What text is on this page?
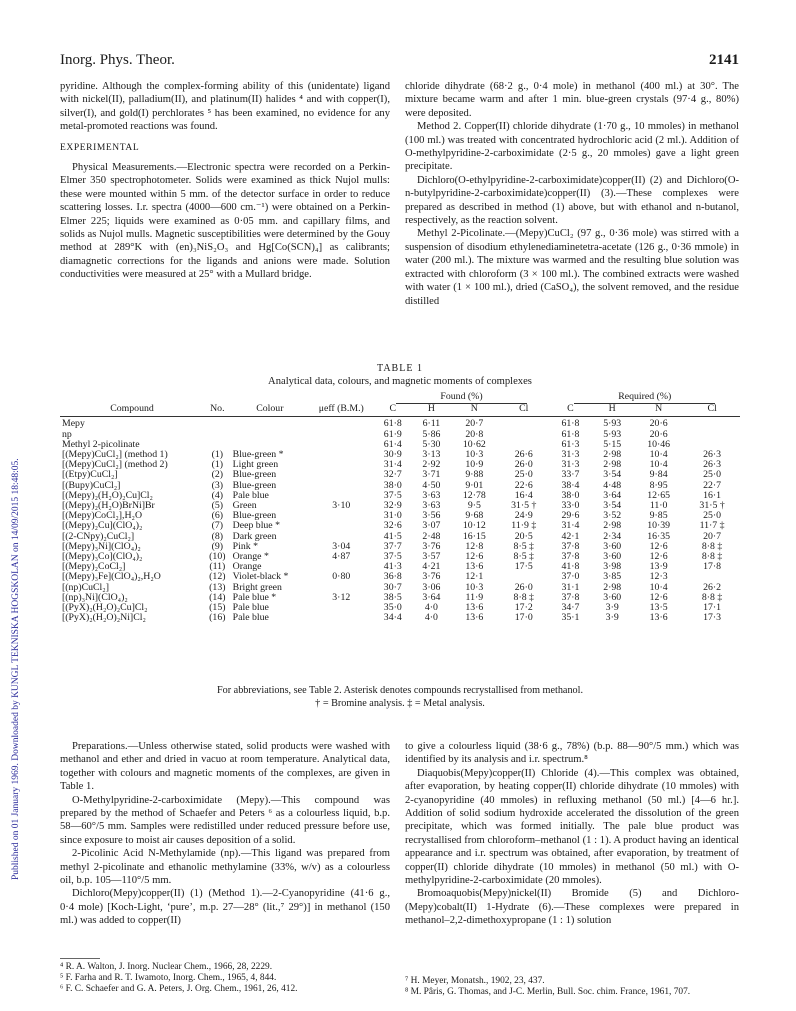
Published on 01 January 1969. Downloaded by KUNGL TEKNISKA HOGSKOLAN on 14/09/2015 18:48:05.
Inorg. Phys. Theor.	2141

pyridine. Although the complex-forming ability of this (unidentate) ligand with nickel(II), palladium(II), and platinum(II) halides ⁴ and with copper(I), silver(I), and gold(I) perchlorates ⁵ has been examined, no evidence for any metal-promoted reactions was found.

EXPERIMENTAL

Physical Measurements.—Electronic spectra were recorded on a Perkin-Elmer 350 spectrophotometer. Solids were examined as thick Nujol mulls: these were mounted within 5 mm. of the detector surface in order to reduce scattering losses. I.r. spectra (4000—600 cm.⁻¹) were obtained on a Perkin-Elmer 225; liquids were examined as 0·05 mm. and capillary films, and solids as Nujol mulls. Magnetic susceptibilities were determined by the Gouy method at 289°K with (en)₃NiS₂O₃ and Hg[Co(SCN)₄] as calibrants; diamagnetic corrections for the ligands and anions were made. Solution conductivities were measured at 25° with a Mullard bridge.

chloride dihydrate (68·2 g., 0·4 mole) in methanol (400 ml.) at 30°. The mixture became warm and after 1 min. blue-green crystals (97·4 g., 80%) were deposited.

Method 2. Copper(II) chloride dihydrate (1·70 g., 10 mmoles) in methanol (100 ml.) was treated with concentrated hydrochloric acid (2 ml.). Addition of O-methylpyridine-2-carboximidate (2·5 g., 20 mmoles) gave a light green precipitate.

Dichloro(O-ethylpyridine-2-carboximidate)copper(II) (2) and Dichloro(O-n-butylpyridine-2-carboximidate)copper(II) (3).—These complexes were prepared as described in method (1) above, but with ethanol and n-butanol, respectively, as the reaction solvent.

Methyl 2-Picolinate.—(Mepy)CuCl₂ (97 g., 0·36 mole) was stirred with a suspension of disodium ethylenediaminetetra-acetate (126 g., 0·36 mmole) in water (200 ml.). The mixture was warmed and the resulting blue solution was extracted with chloroform (3 × 100 ml.). The combined extracts were washed with water (1 × 100 ml.), dried (CaSO₄), the solvent removed, and the residue distilled

TABLE 1
Analytical data, colours, and magnetic moments of complexes
				Found (%)				Required (%)			
Compound	No.	Colour	μeff (B.M.)	C	H	N	Cl	C	H	N	Cl
Mepy				61·8	6·11	20·7		61·8	5·93	20·6	
np				61·9	5·86	20·8		61·8	5·93	20·6	
Methyl 2-picolinate				61·4	5·30	10·62		61·3	5·15	10·46	
[(Mepy)CuCl₂] (method 1)	(1)	Blue-green *		30·9	3·13	10·3	26·6	31·3	2·98	10·4	26·3
[(Mepy)CuCl₂] (method 2)	(1)	Light green		31·4	2·92	10·9	26·0	31·3	2·98	10·4	26·3
[(Etpy)CuCl₂]	(2)	Blue-green		32·7	3·71	9·88	25·0	33·7	3·54	9·84	25·0
[(Bupy)CuCl₂]	(3)	Blue-green		38·0	4·50	9·01	22·6	38·4	4·48	8·95	22·7
[(Mepy)₂(H₂O)₂Cu]Cl₂	(4)	Pale blue		37·5	3·63	12·78	16·4	38·0	3·64	12·65	16·1
[(Mepy)₂(H₂O)BrNi]Br	(5)	Green	3·10	32·9	3·63	9·5	31·5 †	33·0	3·54	11·0	31·5 †
[(Mepy)CoCl₂],H₂O	(6)	Blue-green		31·0	3·56	9·68	24·9	29·6	3·52	9·85	25·0
[(Mepy)₂Cu](ClO₄)₂	(7)	Deep blue *		32·6	3·07	10·12	11·9 ‡	31·4	2·98	10·39	11·7 ‡
[(2-CNpy)₂CuCl₂]	(8)	Dark green		41·5	2·48	16·15	20·5	42·1	2·34	16·35	20·7
[(Mepy)₃Ni](ClO₄)₂	(9)	Pink *	3·04	37·7	3·76	12·8	8·5 ‡	37·8	3·60	12·6	8·8 ‡
[(Mepy)₃Co](ClO₄)₂	(10)	Orange *	4·87	37·5	3·57	12·6	8·5 ‡	37·8	3·60	12·6	8·8 ‡
[(Mepy)₂CoCl₂]	(11)	Orange		41·3	4·21	13·6	17·5	41·8	3·98	13·9	17·8
[(Mepy)₃Fe](ClO₄)₂,H₂O	(12)	Violet-black *	0·80	36·8	3·76	12·1		37·0	3·85	12·3	
[(np)CuCl₂]	(13)	Bright green		30·7	3·06	10·3	26·0	31·1	2·98	10·4	26·2
[(np)₃Ni](ClO₄)₂	(14)	Pale blue *	3·12	38·5	3·64	11·9	8·8 ‡	37·8	3·60	12·6	8·8 ‡
[(PyX)₂(H₂O)₂Cu]Cl₂	(15)	Pale blue		35·0	4·0	13·6	17·2	34·7	3·9	13·5	17·1
[(PyX)₂(H₂O)₂Ni]Cl₂	(16)	Pale blue		34·4	4·0	13·6	17·0	35·1	3·9	13·6	17·3
For abbreviations, see Table 2. Asterisk denotes compounds recrystallised from methanol.
† = Bromine analysis. ‡ = Metal analysis.

Preparations.—Unless otherwise stated, solid products were washed with methanol and ether and dried in vacuo at room temperature. Analytical data, together with colours and magnetic moments of the complexes, are given in Table 1.

O-Methylpyridine-2-carboximidate (Mepy).—This compound was prepared by the method of Schaefer and Peters ⁶ as a colourless liquid, b.p. 58—60°/5 mm. Samples were redistilled under reduced pressure before use, since exposure to moist air causes deposition of a solid.

2-Picolinic Acid N-Methylamide (np).—This ligand was prepared from methyl 2-picolinate and ethanolic methylamine (33%, w/v) as a colourless oil, b.p. 105—110°/5 mm.

Dichloro(Mepy)copper(II) (1) (Method 1).—2-Cyanopyridine (41·6 g., 0·4 mole) [Koch-Light, ‘pure’, m.p. 27—28° (lit.,⁷ 29°)] in methanol (150 ml.) was added to copper(II)

to give a colourless liquid (38·6 g., 78%) (b.p. 88—90°/5 mm.) which was identified by its analysis and i.r. spectrum.⁸

Diaquobis(Mepy)copper(II) Chloride (4).—This complex was obtained, after evaporation, by heating copper(II) chloride dihydrate (10 mmoles) with 2-cyanopyridine (40 mmoles) in refluxing methanol (50 ml.) [4—6 hr.]. Addition of solid sodium hydroxide accelerated the dissolution of the green precipitate, which was formed initially. The pale blue product was recrystallised from chloroform–methanol (1 : 1). A product having an identical appearance and i.r. spectrum was obtained, after evaporation, by treatment of copper(II) chloride dihydrate (10 mmoles) in methanol (50 ml.) with O-methylpyridine-2-carboximidate (20 mmoles).

Bromoaquobis(Mepy)nickel(II) Bromide (5) and Dichloro-(Mepy)cobalt(II) 1-Hydrate (6).—These complexes were prepared in methanol–2,2-dimethoxypropane (1 : 1) solution

⁴ R. A. Walton, J. Inorg. Nuclear Chem., 1966, 28, 2229.
⁵ F. Farha and R. T. Iwamoto, Inorg. Chem., 1965, 4, 844.
⁶ F. C. Schaefer and G. A. Peters, J. Org. Chem., 1961, 26, 412.
⁷ H. Meyer, Monatsh., 1902, 23, 437.
⁸ M. Pâris, G. Thomas, and J-C. Merlin, Bull. Soc. chim. France, 1961, 707.
